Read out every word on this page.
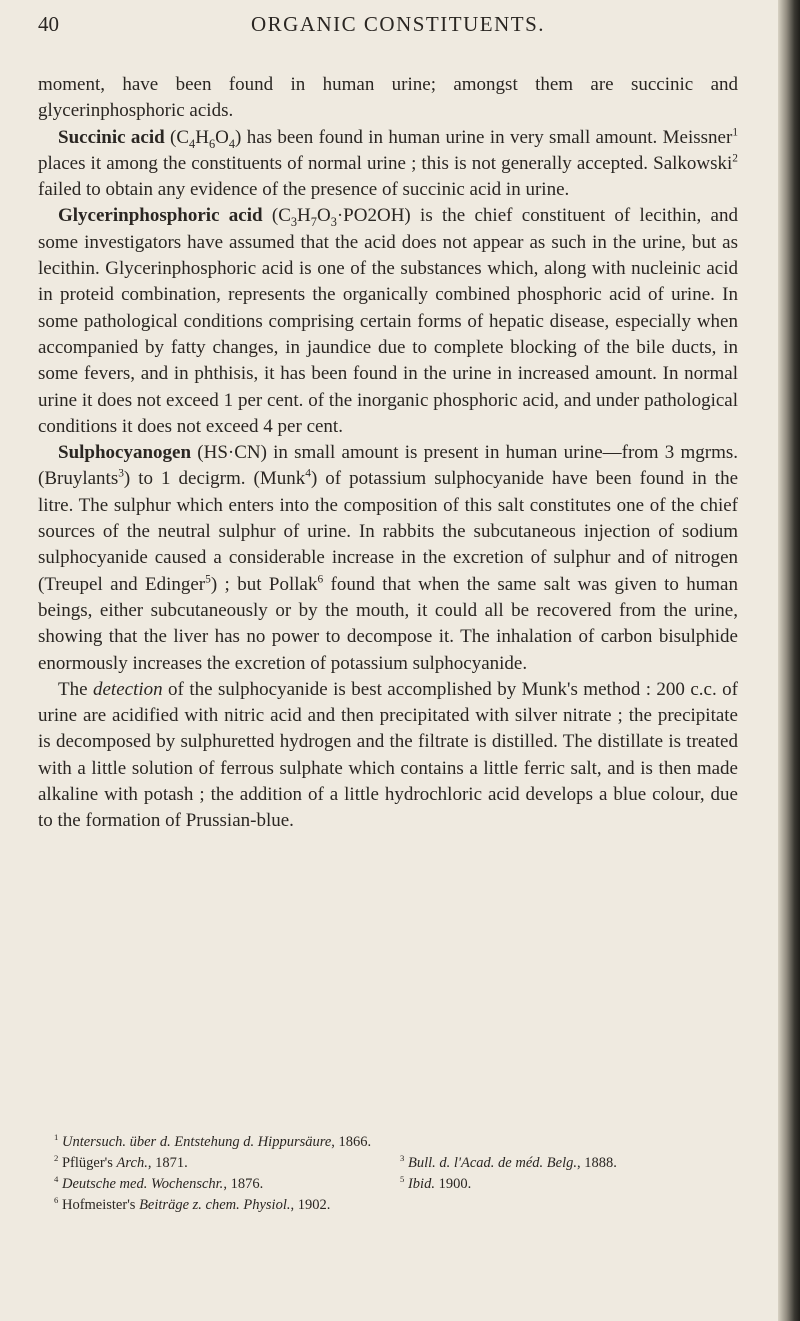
40	ORGANIC CONSTITUENTS.

moment, have been found in human urine; amongst them are succinic and glycerinphosphoric acids.

Succinic acid $(C_4H_6O_4)$ has been found in human urine in very small amount. Meissner$^1$ places it among the constituents of normal urine ; this is not generally accepted. Salkowski$^2$ failed to obtain any evidence of the presence of succinic acid in urine.

Glycerinphosphoric acid $(C_3H_7O_3\cdot PO2OH)$ is the chief constituent of lecithin, and some investigators have assumed that the acid does not appear as such in the urine, but as lecithin. Glycerinphosphoric acid is one of the substances which, along with nucleinic acid in proteid combination, represents the organically combined phosphoric acid of urine. In some pathological conditions comprising certain forms of hepatic disease, especially when accompanied by fatty changes, in jaundice due to complete blocking of the bile ducts, in some fevers, and in phthisis, it has been found in the urine in increased amount. In normal urine it does not exceed 1 per cent. of the inorganic phosphoric acid, and under pathological conditions it does not exceed 4 per cent.

Sulphocyanogen (HS·CN) in small amount is present in human urine—from 3 mgrms. (Bruylants$^3$) to 1 decigrm. (Munk$^4$) of potassium sulphocyanide have been found in the litre. The sulphur which enters into the composition of this salt constitutes one of the chief sources of the neutral sulphur of urine. In rabbits the subcutaneous injection of sodium sulphocyanide caused a considerable increase in the excretion of sulphur and of nitrogen (Treupel and Edinger$^5$) ; but Pollak$^6$ found that when the same salt was given to human beings, either subcutaneously or by the mouth, it could all be recovered from the urine, showing that the liver has no power to decompose it. The inhalation of carbon bisulphide enormously increases the excretion of potassium sulphocyanide.

The detection of the sulphocyanide is best accomplished by Munk's method : 200 c.c. of urine are acidified with nitric acid and then precipitated with silver nitrate ; the precipitate is decomposed by sulphuretted hydrogen and the filtrate is distilled. The distillate is treated with a little solution of ferrous sulphate which contains a little ferric salt, and is then made alkaline with potash ; the addition of a little hydrochloric acid develops a blue colour, due to the formation of Prussian-blue.

$^1$ Untersuch. über d. Entstehung d. Hippursäure, 1866.
$^2$ Pflüger's Arch., 1871.	$^3$ Bull. d. l'Acad. de méd. Belg., 1888.
$^4$ Deutsche med. Wochenschr., 1876.	$^5$ Ibid. 1900.
$^6$ Hofmeister's Beiträge z. chem. Physiol., 1902.
